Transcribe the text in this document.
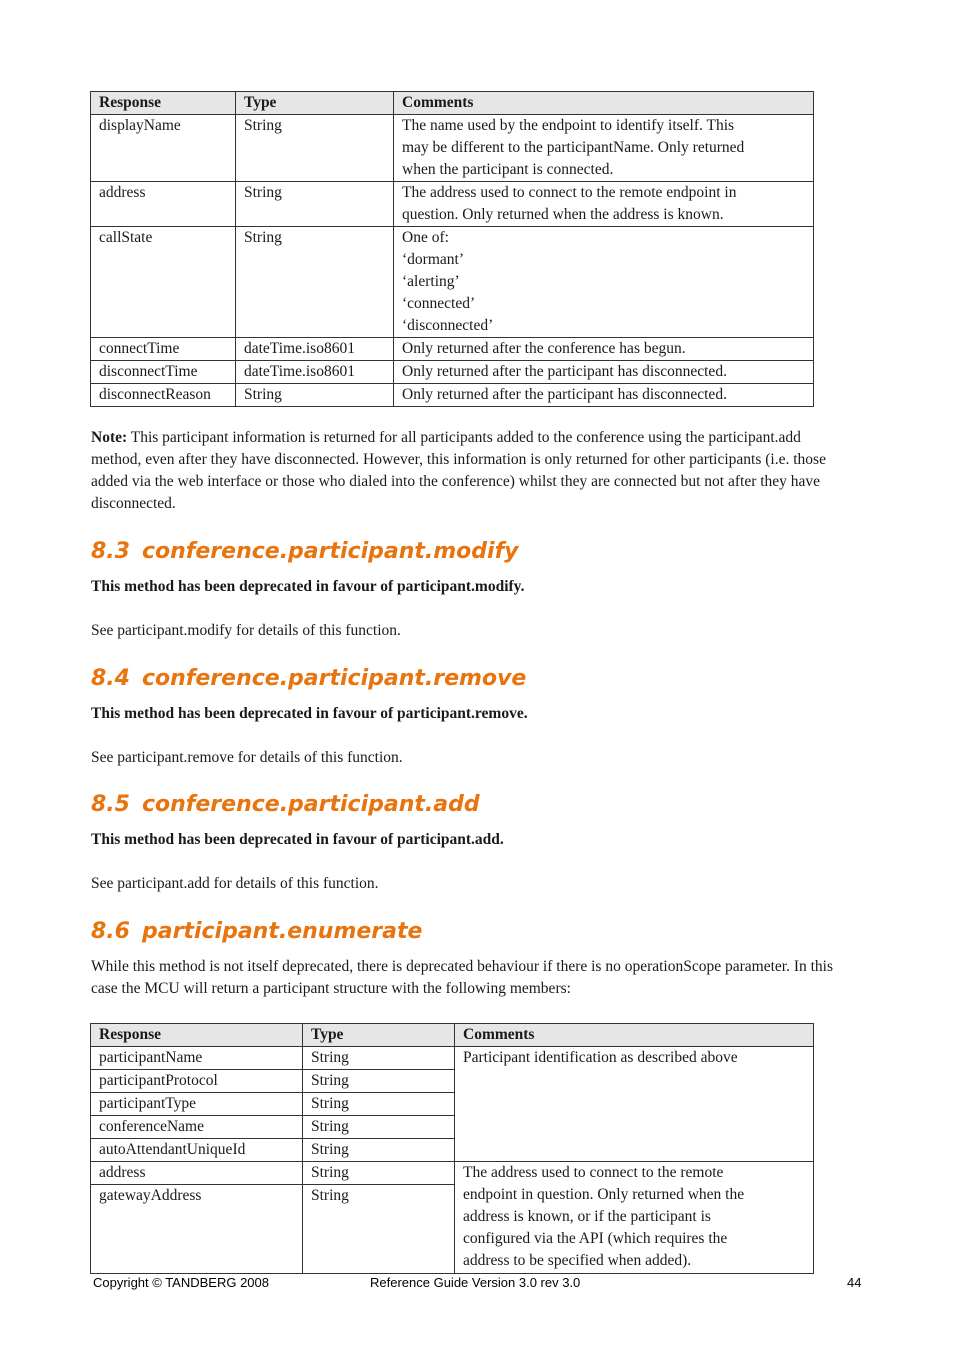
Response	Type	Comments
displayName	String	The name used by the endpoint to identify itself. This
may be different to the participantName. Only returned
when the participant is connected.

address	String	The address used to connect to the remote endpoint in
question. Only returned when the address is known.

callState	String	One of:
‘dormant’
‘alerting’
‘connected’
‘disconnected’

connectTime	dateTime.iso8601	Only returned after the conference has begun.
disconnectTime	dateTime.iso8601	Only returned after the participant has disconnected.
disconnectReason	String	Only returned after the participant has disconnected.

Note: This participant information is returned for all participants added to the conference using the participant.add method, even after they have disconnected. However, this information is only returned for other participants (i.e. those added via the web interface or those who dialed into the conference) whilst they are connected but not after they have disconnected.

8.3 conference.participant.modify

This method has been deprecated in favour of participant.modify.

See participant.modify for details of this function.

8.4 conference.participant.remove

This method has been deprecated in favour of participant.remove.

See participant.remove for details of this function.

8.5 conference.participant.add

This method has been deprecated in favour of participant.add.

See participant.add for details of this function.

8.6 participant.enumerate

While this method is not itself deprecated, there is deprecated behaviour if there is no operationScope parameter. In this case the MCU will return a participant structure with the following members:

Response	Type	Comments
participantName	String	Participant identification as described above

participantProtocol	String	
participantType	String	
conferenceName	String	
autoAttendantUniqueId	String	
address	String	The address used to connect to the remote
endpoint in question. Only returned when the
address is known, or if the participant is
configured via the API (which requires the
address to be specified when added).

gatewayAddress	String	
Copyright © TANDBERG 2008	Reference Guide Version 3.0 rev 3.0	44
